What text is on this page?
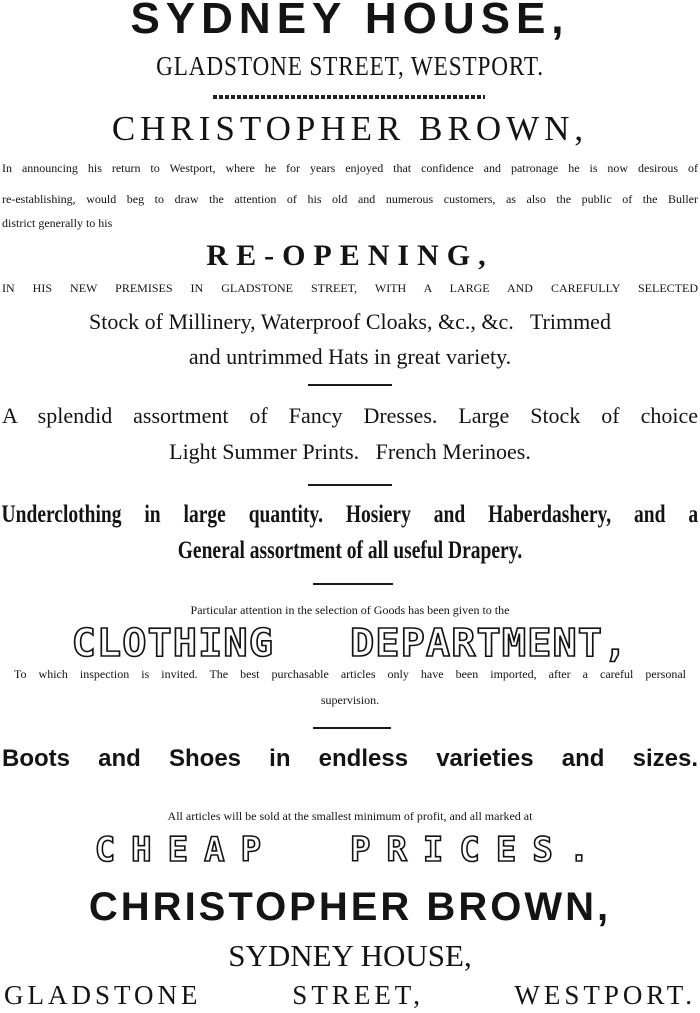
SYDNEY HOUSE,
GLADSTONE STREET, WESTPORT.
CHRISTOPHER BROWN,
In announcing his return to Westport, where he for years enjoyed that confidence and patronage he is now desirous of
re-establishing, would beg to draw the attention of his old and numerous customers, as also the public of the Buller
district generally to his
RE-OPENING,
IN HIS NEW PREMISES IN GLADSTONE STREET, WITH A LARGE AND CAREFULLY SELECTED
Stock of Millinery, Waterproof Cloaks, &c., &c.   Trimmed
and untrimmed Hats in great variety.
A splendid assortment of Fancy Dresses. Large Stock of choice
Light Summer Prints.   French Merinoes.
Underclothing in large quantity. Hosiery and Haberdashery, and a
General assortment of all useful Drapery.
Particular attention in the selection of Goods has been given to the
CLOTHING   DEPARTMENT,
To which inspection is invited. The best purchasable articles only have been imported, after a careful personal
supervision.
Boots and Shoes in endless varieties and sizes.
All articles will be sold at the smallest minimum of profit, and all marked at
CHEAP  PRICES.
CHRISTOPHER BROWN,
SYDNEY HOUSE,
GLADSTONE STREET, WESTPORT.
